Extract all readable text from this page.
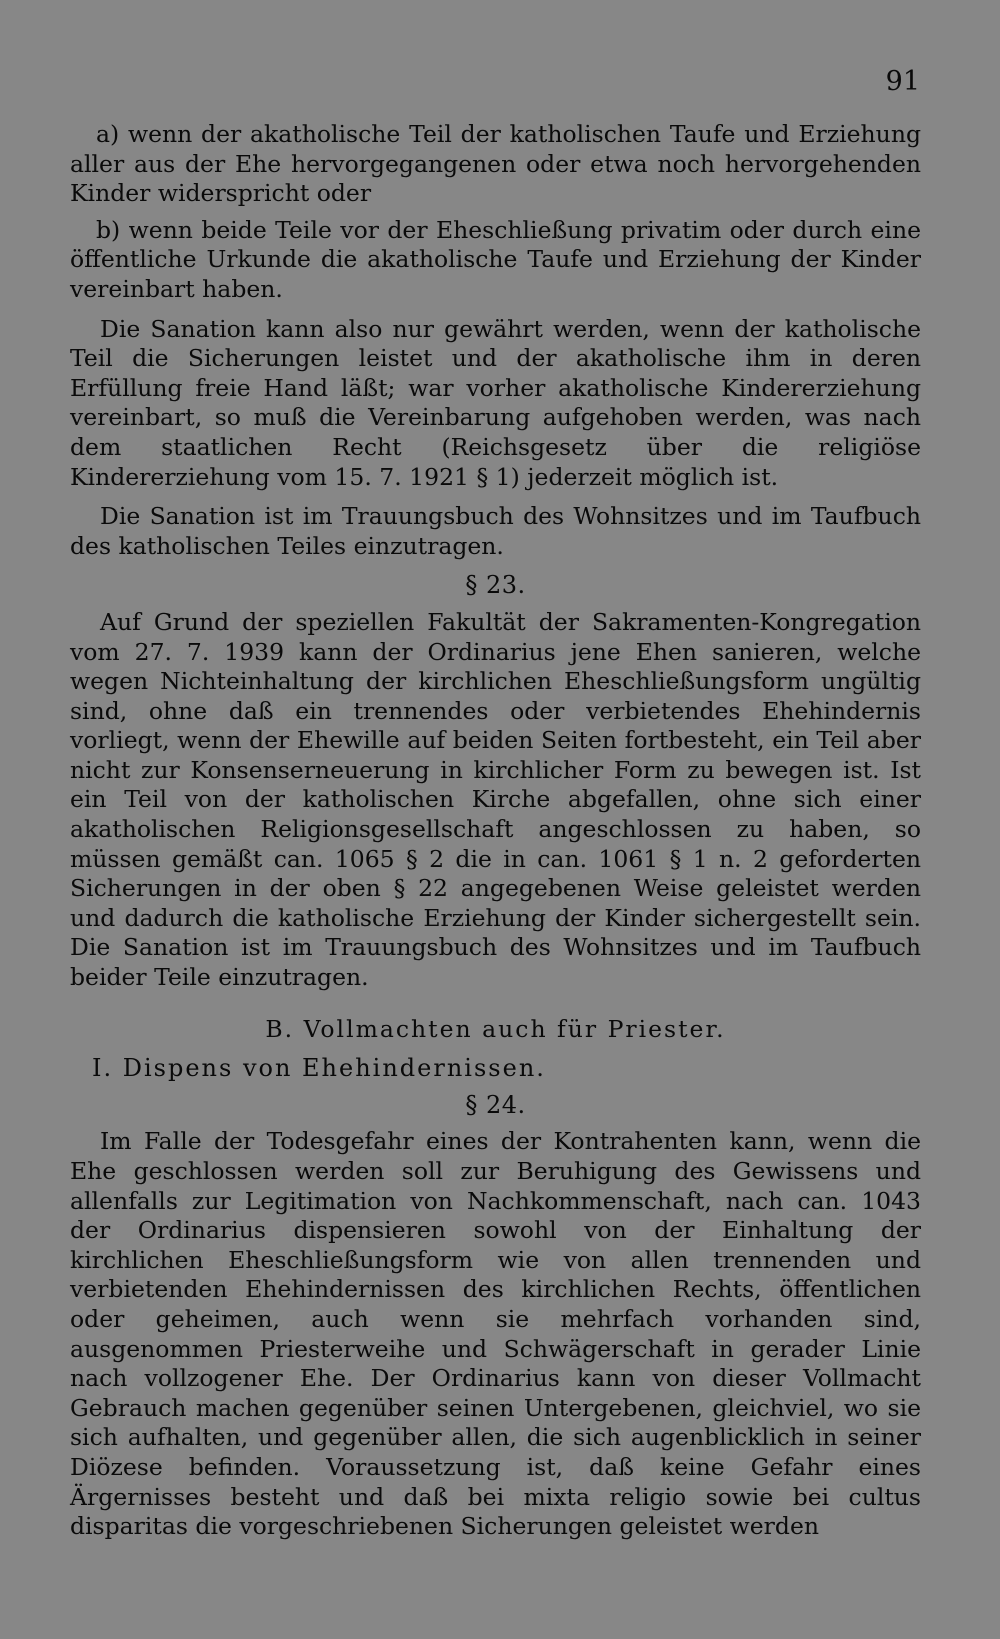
91

a) wenn der akatholische Teil der katholischen Taufe und Erziehung aller aus der Ehe hervorgegangenen oder etwa noch hervorgehenden Kinder widerspricht oder

b) wenn beide Teile vor der Eheschließung privatim oder durch eine öffentliche Urkunde die akatholische Taufe und Erziehung der Kinder vereinbart haben.

Die Sanation kann also nur gewährt werden, wenn der katholische Teil die Sicherungen leistet und der akatholische ihm in deren Erfüllung freie Hand läßt; war vorher akatholische Kindererziehung vereinbart, so muß die Vereinbarung aufgehoben werden, was nach dem staatlichen Recht (Reichsgesetz über die religiöse Kindererziehung vom 15. 7. 1921 § 1) jederzeit möglich ist.

Die Sanation ist im Trauungsbuch des Wohnsitzes und im Taufbuch des katholischen Teiles einzutragen.

§ 23.

Auf Grund der speziellen Fakultät der Sakramenten-Kongregation vom 27. 7. 1939 kann der Ordinarius jene Ehen sanieren, welche wegen Nichteinhaltung der kirchlichen Eheschließungsform ungültig sind, ohne daß ein trennendes oder verbietendes Ehehindernis vorliegt, wenn der Ehewille auf beiden Seiten fortbesteht, ein Teil aber nicht zur Konsenserneuerung in kirchlicher Form zu bewegen ist. Ist ein Teil von der katholischen Kirche abgefallen, ohne sich einer akatholischen Religionsgesellschaft angeschlossen zu haben, so müssen gemäßt can. 1065 § 2 die in can. 1061 § 1 n. 2 geforderten Sicherungen in der oben § 22 angegebenen Weise geleistet werden und dadurch die katholische Erziehung der Kinder sichergestellt sein. Die Sanation ist im Trauungsbuch des Wohnsitzes und im Taufbuch beider Teile einzutragen.

B. Vollmachten auch für Priester.

I. Dispens von Ehehindernissen.

§ 24.

Im Falle der Todesgefahr eines der Kontrahenten kann, wenn die Ehe geschlossen werden soll zur Beruhigung des Gewissens und allenfalls zur Legitimation von Nachkommenschaft, nach can. 1043 der Ordinarius dispensieren sowohl von der Einhaltung der kirchlichen Eheschließungsform wie von allen trennenden und verbietenden Ehehindernissen des kirchlichen Rechts, öffentlichen oder geheimen, auch wenn sie mehrfach vorhanden sind, ausgenommen Priesterweihe und Schwägerschaft in gerader Linie nach vollzogener Ehe. Der Ordinarius kann von dieser Vollmacht Gebrauch machen gegenüber seinen Untergebenen, gleichviel, wo sie sich aufhalten, und gegenüber allen, die sich augenblicklich in seiner Diözese befinden. Voraussetzung ist, daß keine Gefahr eines Ärgernisses besteht und daß bei mixta religio sowie bei cultus disparitas die vorgeschriebenen Sicherungen geleistet werden
